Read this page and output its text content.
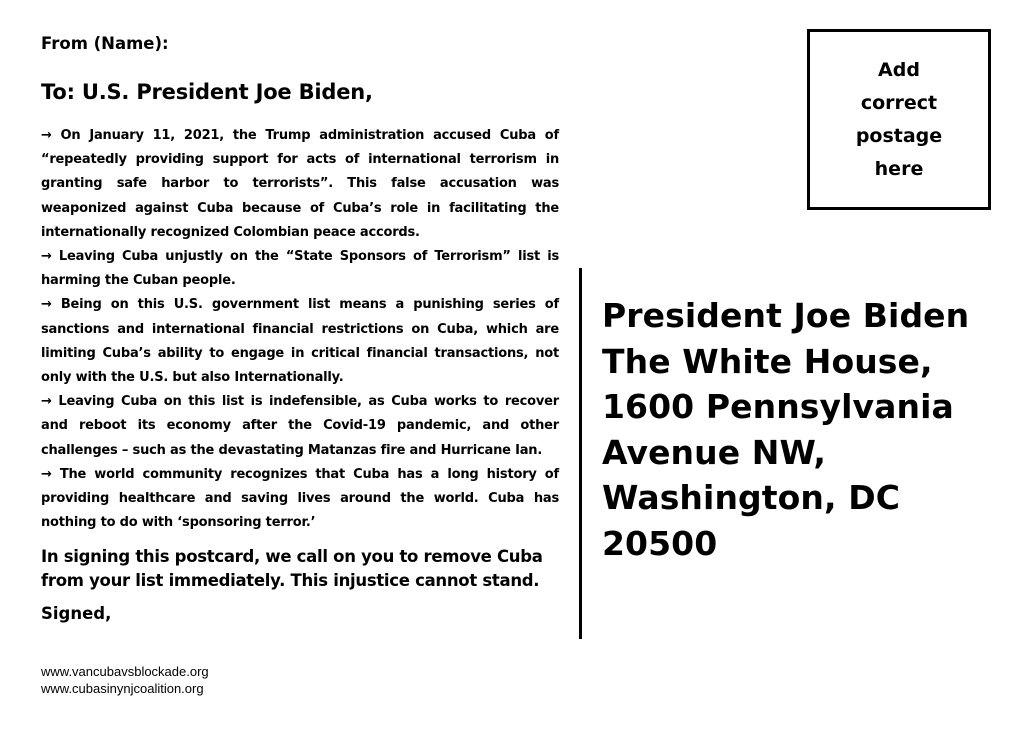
From (Name):
To: U.S. President Joe Biden,

→ On January 11, 2021, the Trump administration accused Cuba of “repeatedly providing support for acts of international terrorism in granting safe harbor to terrorists”. This false accusation was weaponized against Cuba because of Cuba’s role in facilitating the internationally recognized Colombian peace accords.

→ Leaving Cuba unjustly on the “State Sponsors of Terrorism” list is harming the Cuban people.

→ Being on this U.S. government list means a punishing series of sanctions and international financial restrictions on Cuba, which are limiting Cuba’s ability to engage in critical financial transactions, not only with the U.S. but also Internationally.

→ Leaving Cuba on this list is indefensible, as Cuba works to recover and reboot its economy after the Covid-19 pandemic, and other challenges – such as the devastating Matanzas fire and Hurricane Ian.

→ The world community recognizes that Cuba has a long history of providing healthcare and saving lives around the world. Cuba has nothing to do with ‘sponsoring terror.’

In signing this postcard, we call on you to remove Cuba from your list immediately. This injustice cannot stand.
Signed,
www.vancubavsblockade.org
www.cubasinynjcoalition.org
Add
correct
postage
here
President Joe Biden
The White House,
1600 Pennsylvania
Avenue NW,
Washington, DC
20500
